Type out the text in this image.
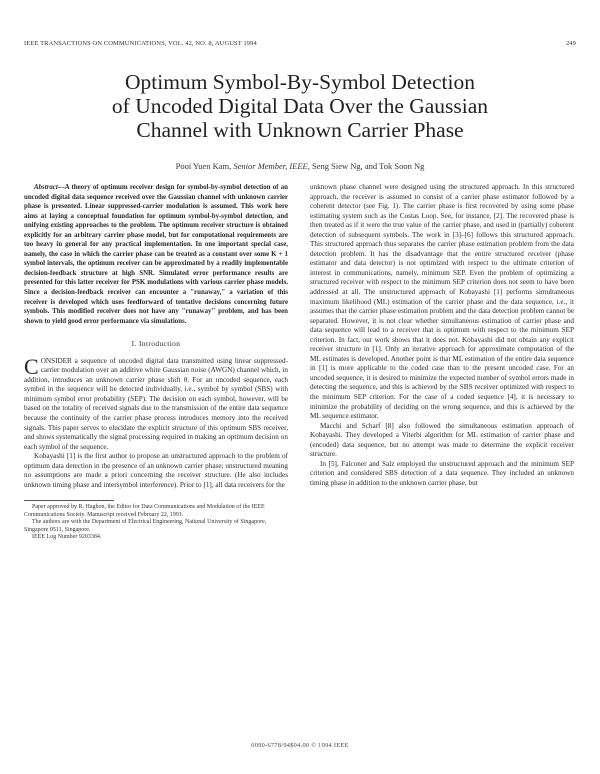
IEEE TRANSACTIONS ON COMMUNICATIONS, VOL. 42, NO. 8, AUGUST 1994	249
Optimum Symbol-By-Symbol Detection
of Uncoded Digital Data Over the Gaussian
Channel with Unknown Carrier Phase
Pooi Yuen Kam, Senior Member, IEEE, Seng Siew Ng, and Tok Soon Ng

Abstract—A theory of optimum receiver design for symbol-by-symbol detection of an uncoded digital data sequence received over the Gaussian channel with unknown carrier phase is presented. Linear suppressed-carrier modulation is assumed. This work here aims at laying a conceptual foundation for optimum symbol-by-symbol detection, and unifying existing approaches to the problem. The optimum receiver structure is obtained explicitly for an arbitrary carrier phase model, but for computational requirements are too heavy in general for any practical implementation. In one important special case, namely, the case in which the carrier phase can be treated as a constant over some K + 1 symbol intervals, the optimum receiver can be approximated by a readily implementable decision-feedback structure at high SNR. Simulated error performance results are presented for this latter receiver for PSK modulations with various carrier phase models. Since a decision-feedback receiver can encounter a "runaway," a variation of this receiver is developed which uses feedforward of tentative decisions concerning future symbols. This modified receiver does not have any "runaway" problem, and has been shown to yield good error performance via simulations.

I. Introduction

CONSIDER a sequence of uncoded digital data transmitted using linear suppressed-carrier modulation over an additive white Gaussian noise (AWGN) channel which, in addition, introduces an unknown carrier phase shift θ. For an uncoded sequence, each symbol in the sequence will be detected individually, i.e., symbol by symbol (SBS) with minimum symbol error probability (SEP). The decision on each symbol, however, will be based on the totality of received signals due to the transmission of the entire data sequence because the continuity of the carrier phase process introduces memory into the received signals. This paper serves to elucidate the explicit structure of this optimum SBS receiver, and shows systematically the signal processing required in making an optimum decision on each symbol of the sequence.

Kobayashi [1] is the first author to propose an unstructured approach to the problem of optimum data detection in the presence of an unknown carrier phase; unstructured meaning no assumptions are made a priori concerning the receiver structure. (He also includes unknown timing phase and intersymbol interference). Prior to [1], all data receivers for the

Paper approved by R. Haghon, the Editor for Data Communications and Modulation of the IEEE Communications Society. Manuscript received February 22, 1991.

The authors are with the Department of Electrical Engineering, National University of Singapore, Singapore 0511, Singapore.

IEEE Log Number 9203384.

unknown phase channel were designed using the structured approach. In this structured approach, the receiver is assumed to consist of a carrier phase estimator followed by a coherent detector (see Fig. 1). The carrier phase is first recovered by using some phase estimating system such as the Costas Loop. See, for instance, [2]. The recovered phase is then treated as if it were the true value of the carrier phase, and used in (partially) coherent detection of subsequent symbols. The work in [3]–[6] follows this structured approach. This structured approach thus separates the carrier phase estimation problem from the data detection problem. It has the disadvantage that the entire structured receiver (phase estimator and data detector) is not optimized with respect to the ultimate criterion of interest in communications, namely, minimum SEP. Even the problem of optimizing a structured receiver with respect to the minimum SEP criterion does not seem to have been addressed at all. The unstructured approach of Kobayashi [1] performs simultaneous maximum likelihood (ML) estimation of the carrier phase and the data sequence, i.e., it assumes that the carrier phase estimation problem and the data detection problem cannot be separated. However, it is not clear whether simultaneous estimation of carrier phase and data sequence will lead to a receiver that is optimum with respect to the minimum SEP criterion. In fact, our work shows that it does not. Kobayashi did not obtain any explicit receiver structure in [1]. Only an iterative approach for approximate computation of the ML estimates is developed. Another point is that ML estimation of the entire data sequence in [1] is more applicable to the coded case than to the present uncoded case. For an uncoded sequence, it is desired to minimize the expected number of symbol errors made in detecting the sequence, and this is achieved by the SBS receiver optimized with respect to the minimum SEP criterion. For the case of a coded sequence [4], it is necessary to minimize the probability of deciding on the wrong sequence, and this is achieved by the ML sequence estimator.

Macchi and Scharf [8] also followed the simultaneous estimation approach of Kobayashi. They developed a Viterbi algorithm for ML estimation of carrier phase and (encoded) data sequence, but no attempt was made to determine the explicit receiver structure.

In [5], Falconer and Salz employed the unstructured approach and the minimum SEP criterion and considered SBS detection of a data sequence. They included an unknown timing phase in addition to the unknown carrier phase, but

0090-6778/94$04.00 © 1994 IEEE
